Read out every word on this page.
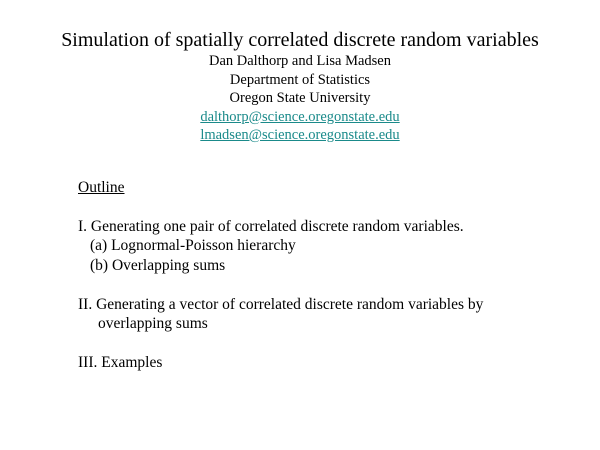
Simulation of spatially correlated discrete random variables

Dan Dalthorp and Lisa Madsen

Department of Statistics

Oregon State University

dalthorp@science.oregonstate.edu

lmadsen@science.oregonstate.edu

Outline

I. Generating one pair of correlated discrete random variables.

(a) Lognormal-Poisson hierarchy

(b) Overlapping sums

II. Generating a vector of correlated discrete random variables by

overlapping sums

III. Examples
